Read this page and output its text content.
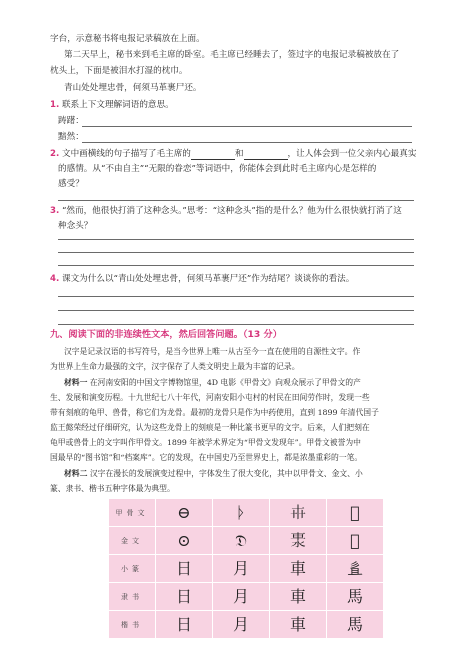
字台，示意秘书将电报记录稿放在上面。
第二天早上，秘书来到毛主席的卧室。毛主席已经睡去了，签过字的电报记录稿被放在了
枕头上，下面是被泪水打湿的枕巾。
青山处处埋忠骨，何须马革裹尸还。
1. 联系上下文理解词语的意思。
踌躇：
黯然：
2. 文中画横线的句子描写了毛主席的	和	，让人体会到一位父亲内心最真实
的感情。从“不由自主”“无限的眷恋”等词语中，你能体会到此时毛主席内心是怎样的
感受？
3. “然而，他很快打消了这种念头。”思考：“这种念头”指的是什么？他为什么很快就打消了这
种念头？
4. 课文为什么以“青山处处埋忠骨，何须马革裹尸还”作为结尾？谈谈你的看法。
九、阅读下面的非连续性文本，然后回答问题。（13 分）
汉字是记录汉语的书写符号，是当今世界上唯一从古至今一直在使用的自源性文字。作
为世界上生命力最强的文字，汉字保存了人类文明史上最为丰富的记录。
材料一 在河南安阳的中国文字博物馆里，4D 电影《甲骨文》向观众展示了甲骨文的产
生、发展和演变历程。十九世纪七八十年代，河南安阳小屯村的村民在田间劳作时，发现一些
带有刻痕的龟甲、兽骨，称它们为龙骨。最初的龙骨只是作为中药使用，直到 1899 年清代国子
监王懿荣经过仔细研究，认为这些龙骨上的刻痕是一种比篆书更早的文字。后来，人们把刻在
龟甲或兽骨上的文字叫作甲骨文。1899 年被学术界定为“甲骨文发现年”。甲骨文被誉为中
国最早的“图书馆”和“档案库”。它的发现，在中国史乃至世界史上，都是浓墨重彩的一笔。
材料二 汉字在漫长的发展演变过程中，字体发生了很大变化，其中以甲骨文、金文、小
篆、隶书、楷书五种字体最为典型。
甲骨文	⊖	ᚦ	𠦃	𢑚
金文	⊙	𝔇	𨋈	𢑴
小篆	日	月	車	𢒉
隶书	日	月	車	馬
楷书	日	月	車	馬
